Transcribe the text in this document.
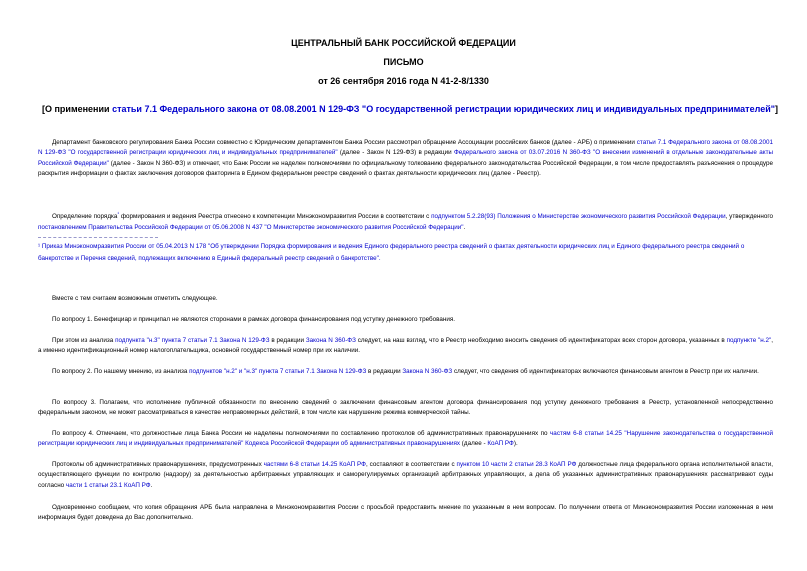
ЦЕНТРАЛЬНЫЙ БАНК РОССИЙСКОЙ ФЕДЕРАЦИИ
ПИСЬМО
от 26 сентября 2016 года N 41-2-8/1330
[О применении статьи 7.1 Федерального закона от 08.08.2001 N 129-ФЗ "О государственной регистрации юридических лиц и индивидуальных предпринимателей"]
Департамент банковского регулирования Банка России совместно с Юридическим департаментом Банка России рассмотрел обращение Ассоциации российских банков (далее - АРБ) о применении статьи 7.1 Федерального закона от 08.08.2001 N 129-ФЗ "О государственной регистрации юридических лиц и индивидуальных предпринимателей" (далее - Закон N 129-ФЗ) в редакции Федерального закона от 03.07.2016 N 360-ФЗ "О внесении изменений в отдельные законодательные акты Российской Федерации" (далее - Закон N 360-ФЗ) и отмечает, что Банк России не наделен полномочиями по официальному толкованию федерального законодательства Российской Федерации, в том числе предоставлять разъяснения о процедуре раскрытия информации о фактах заключения договоров факторинга в Едином федеральном реестре сведений о фактах деятельности юридических лиц (далее - Реестр).
Определение порядка$^{^1}$ формирования и ведения Реестра отнесено к компетенции Минэкономразвития России в соответствии с подпунктом 5.2.28(93) Положения о Министерстве экономического развития Российской Федерации, утвержденного постановлением Правительства Российской Федерации от 05.06.2008 N 437 "О Министерстве экономического развития Российской Федерации".
¹ Приказ Минэкономразвития России от 05.04.2013 N 178 "Об утверждении Порядка формирования и ведения Единого федерального реестра сведений о фактах деятельности юридических лиц и Единого федерального реестра сведений о банкротстве и Перечня сведений, подлежащих включению в Единый федеральный реестр сведений о банкротстве".
Вместе с тем считаем возможным отметить следующее.
По вопросу 1. Бенефициар и принципал не являются сторонами в рамках договора финансирования под уступку денежного требования.
При этом из анализа подпункта "н.3" пункта 7 статьи 7.1 Закона N 129-ФЗ в редакции Закона N 360-ФЗ следует, на наш взгляд, что в Реестр необходимо вносить сведения об идентификаторах всех сторон договора, указанных в подпункте "н.2", а именно идентификационный номер налогоплательщика, основной государственный номер при их наличии.
По вопросу 2. По нашему мнению, из анализа подпунктов "н.2" и "н.3" пункта 7 статьи 7.1 Закона N 129-ФЗ в редакции Закона N 360-ФЗ следует, что сведения об идентификаторах включаются финансовым агентом в Реестр при их наличии.
По вопросу 3. Полагаем, что исполнение публичной обязанности по внесению сведений о заключении финансовым агентом договора финансирования под уступку денежного требования в Реестр, установленной непосредственно федеральным законом, не может рассматриваться в качестве неправомерных действий, в том числе как нарушение режима коммерческой тайны.
По вопросу 4. Отмечаем, что должностные лица Банка России не наделены полномочиями по составлению протоколов об административных правонарушениях по частям 6-8 статьи 14.25 "Нарушение законодательства о государственной регистрации юридических лиц и индивидуальных предпринимателей" Кодекса Российской Федерации об административных правонарушениях (далее - КоАП РФ).
Протоколы об административных правонарушениях, предусмотренных частями 6-8 статьи 14.25 КоАП РФ, составляют в соответствии с пунктом 10 части 2 статьи 28.3 КоАП РФ должностные лица федерального органа исполнительной власти, осуществляющего функции по контролю (надзору) за деятельностью арбитражных управляющих и саморегулируемых организаций арбитражных управляющих, а дела об указанных административных правонарушениях рассматривают суды согласно части 1 статьи 23.1 КоАП РФ.
Одновременно сообщаем, что копия обращения АРБ была направлена в Минэкономразвития России с просьбой предоставить мнение по указанным в нем вопросам. По получении ответа от Минэкономразвития России изложенная в нем информация будет доведена до Вас дополнительно.
